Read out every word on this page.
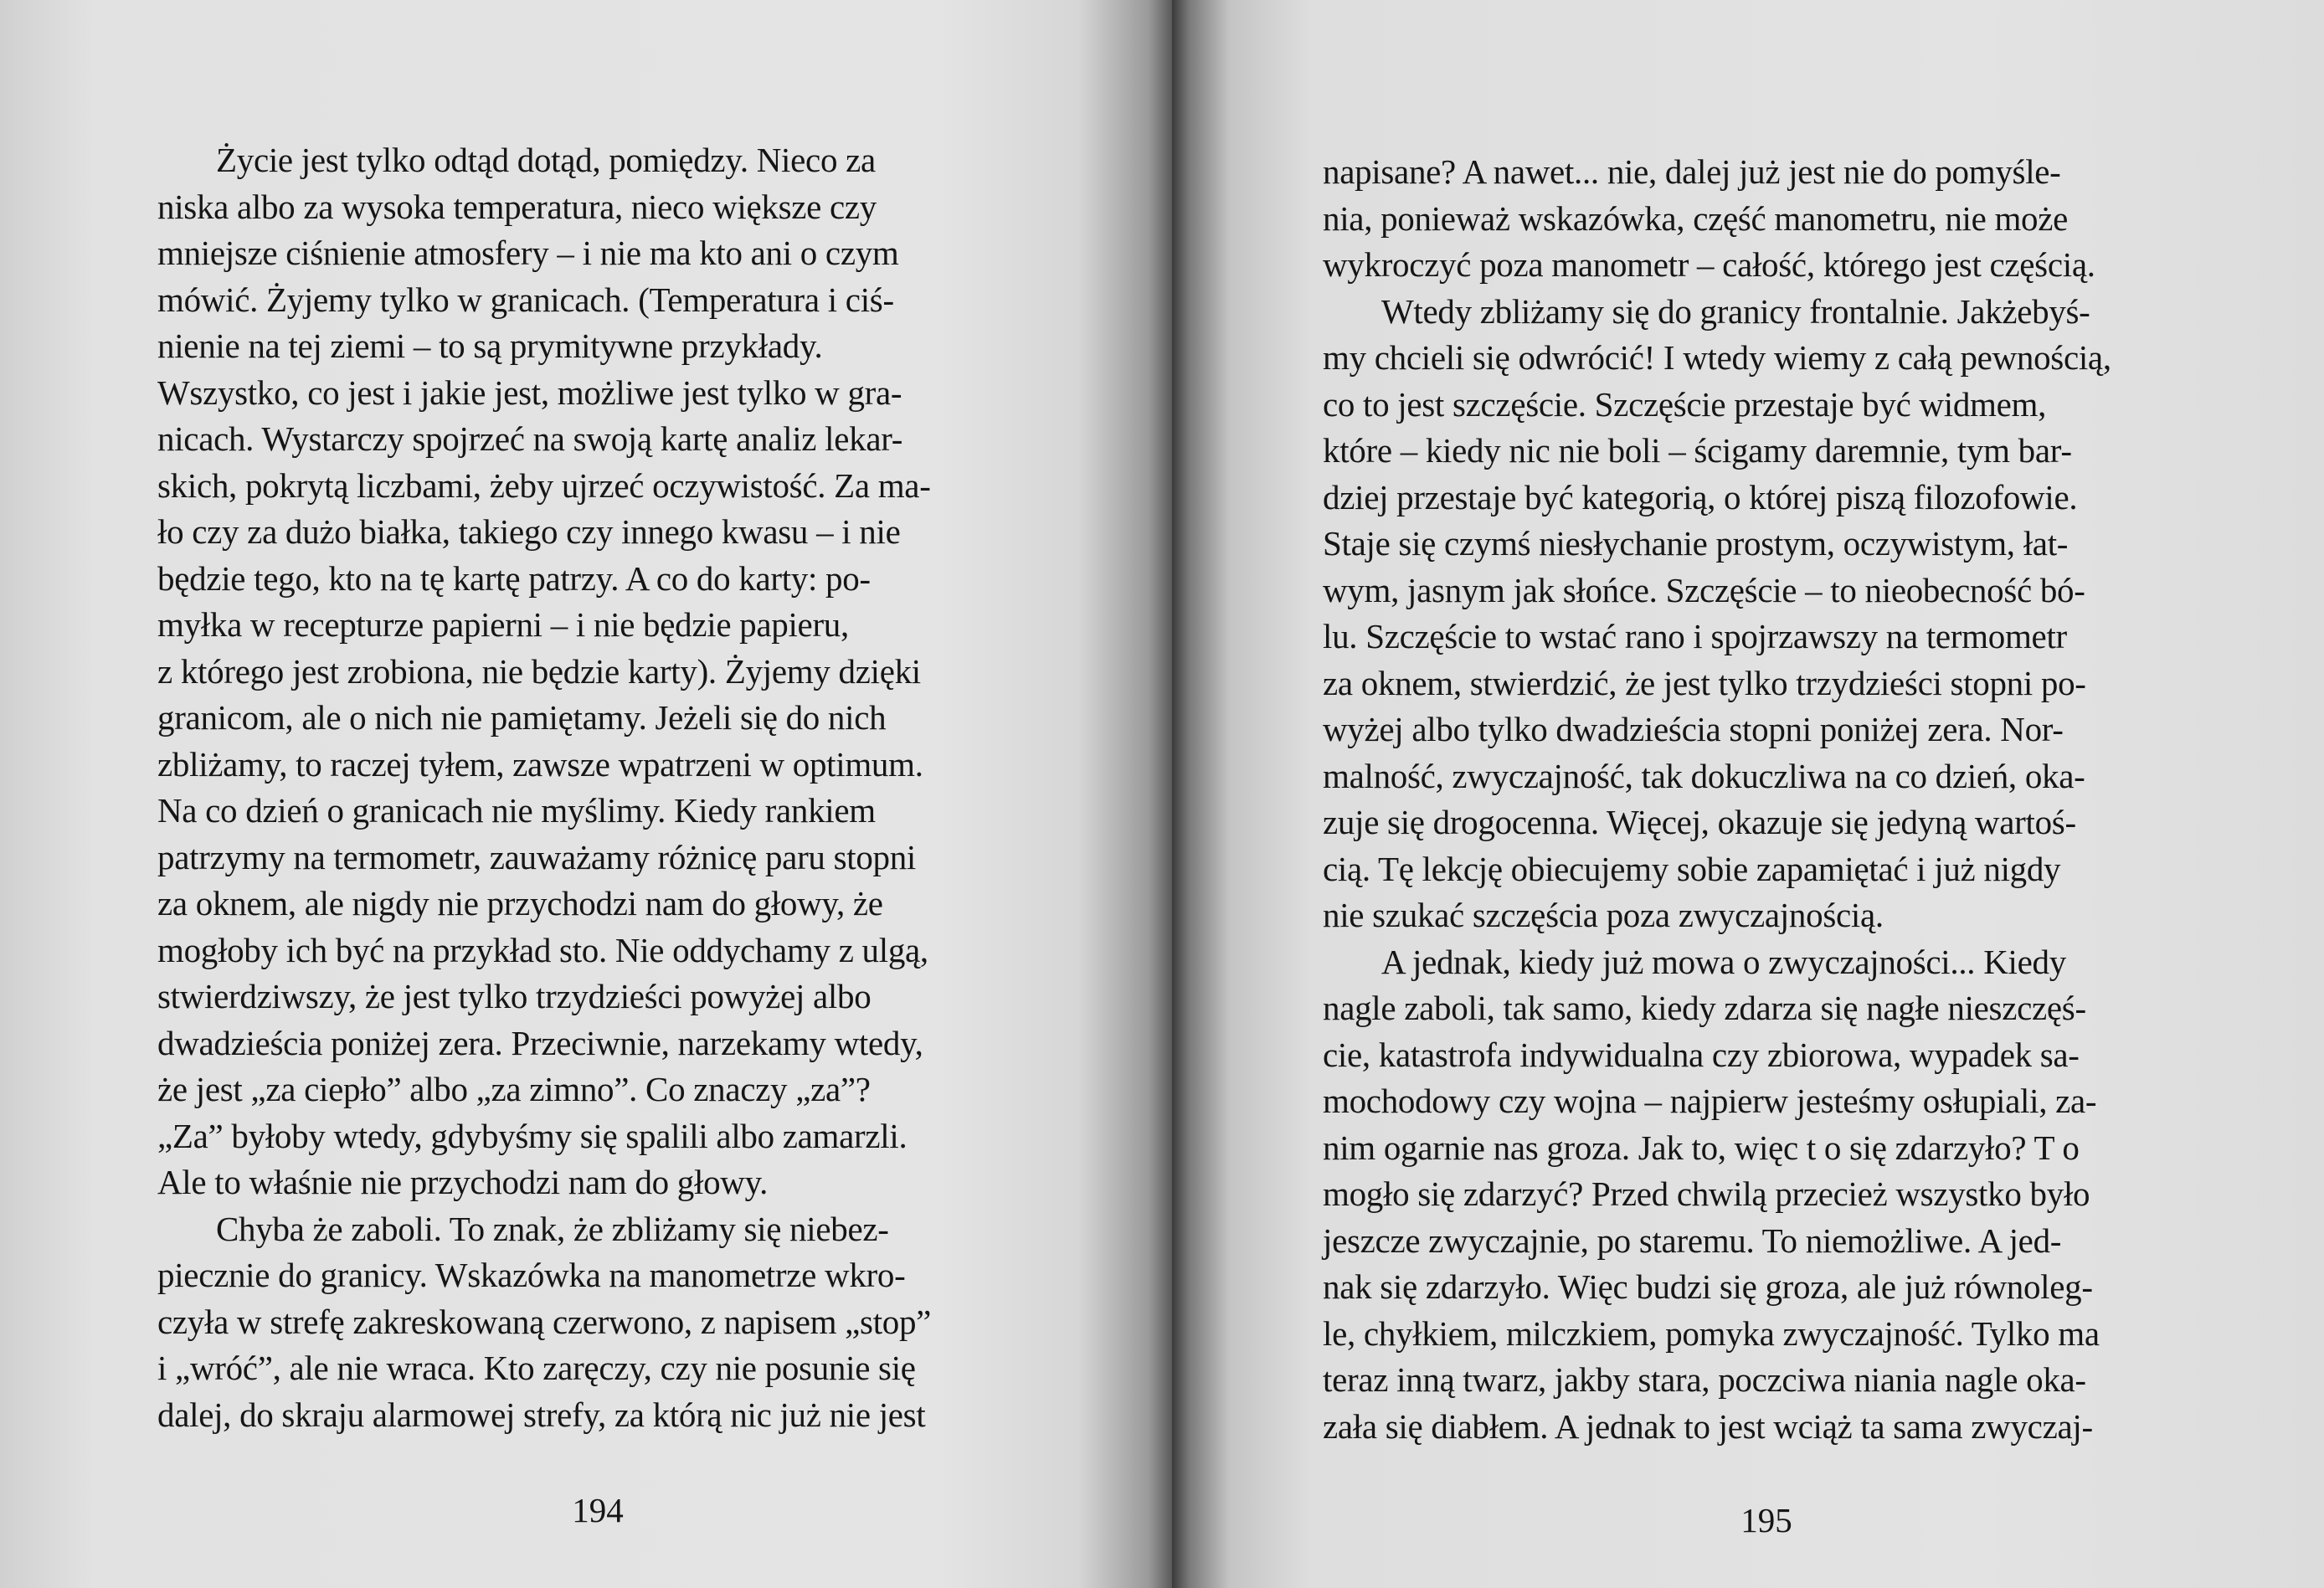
Życie jest tylko odtąd dotąd, pomiędzy. Nieco za
niska albo za wysoka temperatura, nieco większe czy
mniejsze ciśnienie atmosfery – i nie ma kto ani o czym
mówić. Żyjemy tylko w granicach. (Temperatura i ciś-
nienie na tej ziemi – to są prymitywne przykłady.
Wszystko, co jest i jakie jest, możliwe jest tylko w gra-
nicach. Wystarczy spojrzeć na swoją kartę analiz lekar-
skich, pokrytą liczbami, żeby ujrzeć oczywistość. Za ma-
ło czy za dużo białka, takiego czy innego kwasu – i nie
będzie tego, kto na tę kartę patrzy. A co do karty: po-
myłka w recepturze papierni – i nie będzie papieru,
z którego jest zrobiona, nie będzie karty). Żyjemy dzięki
granicom, ale o nich nie pamiętamy. Jeżeli się do nich
zbliżamy, to raczej tyłem, zawsze wpatrzeni w optimum.
Na co dzień o granicach nie myślimy. Kiedy rankiem
patrzymy na termometr, zauważamy różnicę paru stopni
za oknem, ale nigdy nie przychodzi nam do głowy, że
mogłoby ich być na przykład sto. Nie oddychamy z ulgą,
stwierdziwszy, że jest tylko trzydzieści powyżej albo
dwadzieścia poniżej zera. Przeciwnie, narzekamy wtedy,
że jest „za ciepło” albo „za zimno”. Co znaczy „za”?
„Za” byłoby wtedy, gdybyśmy się spalili albo zamarzli.
Ale to właśnie nie przychodzi nam do głowy.
Chyba że zaboli. To znak, że zbliżamy się niebez-
piecznie do granicy. Wskazówka na manometrze wkro-
czyła w strefę zakreskowaną czerwono, z napisem „stop”
i „wróć”, ale nie wraca. Kto zaręczy, czy nie posunie się
dalej, do skraju alarmowej strefy, za którą nic już nie jest
194
napisane? A nawet... nie, dalej już jest nie do pomyśle-
nia, ponieważ wskazówka, część manometru, nie może
wykroczyć poza manometr – całość, którego jest częścią.
Wtedy zbliżamy się do granicy frontalnie. Jakżebyś-
my chcieli się odwrócić! I wtedy wiemy z całą pewnością,
co to jest szczęście. Szczęście przestaje być widmem,
które – kiedy nic nie boli – ścigamy daremnie, tym bar-
dziej przestaje być kategorią, o której piszą filozofowie.
Staje się czymś niesłychanie prostym, oczywistym, łat-
wym, jasnym jak słońce. Szczęście – to nieobecność bó-
lu. Szczęście to wstać rano i spojrzawszy na termometr
za oknem, stwierdzić, że jest tylko trzydzieści stopni po-
wyżej albo tylko dwadzieścia stopni poniżej zera. Nor-
malność, zwyczajność, tak dokuczliwa na co dzień, oka-
zuje się drogocenna. Więcej, okazuje się jedyną wartoś-
cią. Tę lekcję obiecujemy sobie zapamiętać i już nigdy
nie szukać szczęścia poza zwyczajnością.
A jednak, kiedy już mowa o zwyczajności... Kiedy
nagle zaboli, tak samo, kiedy zdarza się nagłe nieszczęś-
cie, katastrofa indywidualna czy zbiorowa, wypadek sa-
mochodowy czy wojna – najpierw jesteśmy osłupiali, za-
nim ogarnie nas groza. Jak to, więc t o się zdarzyło? T o
mogło się zdarzyć? Przed chwilą przecież wszystko było
jeszcze zwyczajnie, po staremu. To niemożliwe. A jed-
nak się zdarzyło. Więc budzi się groza, ale już równoleg-
le, chyłkiem, milczkiem, pomyka zwyczajność. Tylko ma
teraz inną twarz, jakby stara, poczciwa niania nagle oka-
zała się diabłem. A jednak to jest wciąż ta sama zwyczaj-
195
